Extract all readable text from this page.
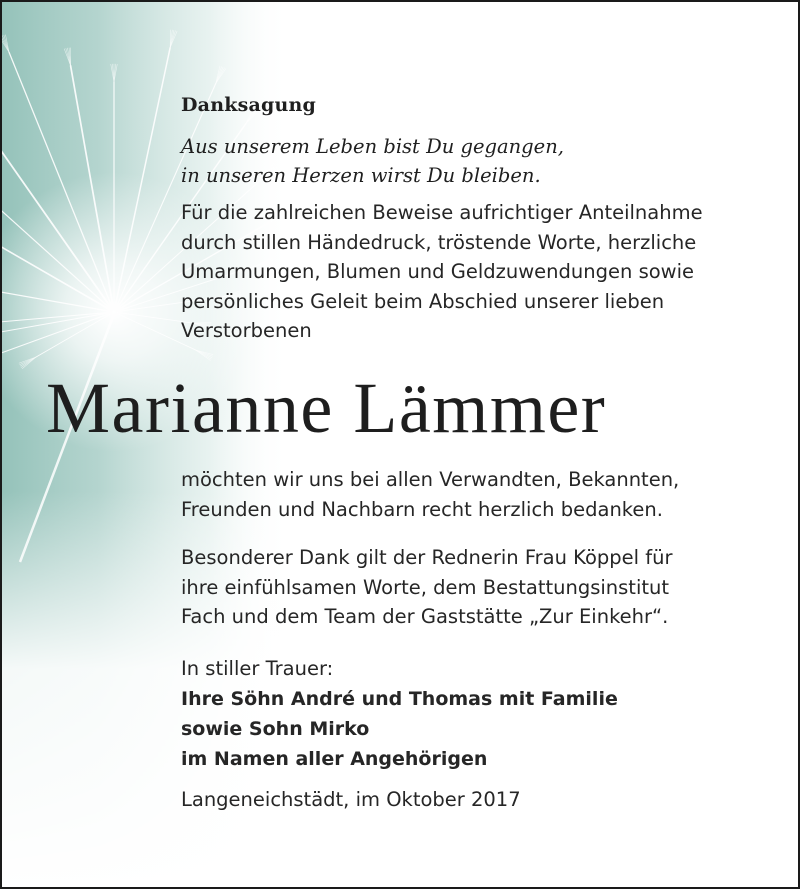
Danksagung
Aus unserem Leben bist Du gegangen,
in unseren Herzen wirst Du bleiben.
Für die zahlreichen Beweise aufrichtiger Anteilnahme
durch stillen Händedruck, tröstende Worte, herzliche
Umarmungen, Blumen und Geldzuwendungen sowie
persönliches Geleit beim Abschied unserer lieben
Verstorbenen
Marianne Lämmer
möchten wir uns bei allen Verwandten, Bekannten,
Freunden und Nachbarn recht herzlich bedanken.
Besonderer Dank gilt der Rednerin Frau Köppel für
ihre einfühlsamen Worte, dem Bestattungsinstitut
Fach und dem Team der Gaststätte „Zur Einkehr“.
In stiller Trauer:
Ihre Söhn André und Thomas mit Familie
sowie Sohn Mirko
im Namen aller Angehörigen
Langeneichstädt, im Oktober 2017
